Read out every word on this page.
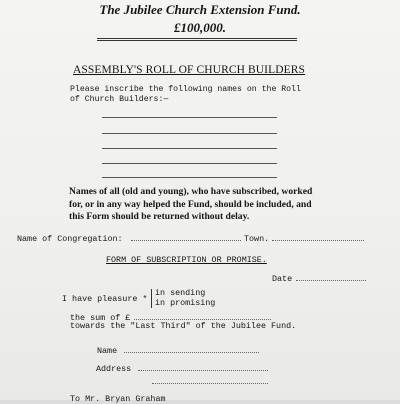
The Jubilee Church Extension Fund.
£100,000.
ASSEMBLY'S ROLL OF CHURCH BUILDERS
Please inscribe the following names on the Roll
of Church Builders:—
Names of all (old and young), who have subscribed, worked
for, or in any way helped the Fund, should be included, and
this Form should be returned without delay.
Name of Congregation:	Town.
FORM OF SUBSCRIPTION OR PROMISE.
Date
I have pleasure *
in sending
in promising
the sum of £
towards the "Last Third" of the Jubilee Fund.
Name
Address
To Mr. Bryan Graham
